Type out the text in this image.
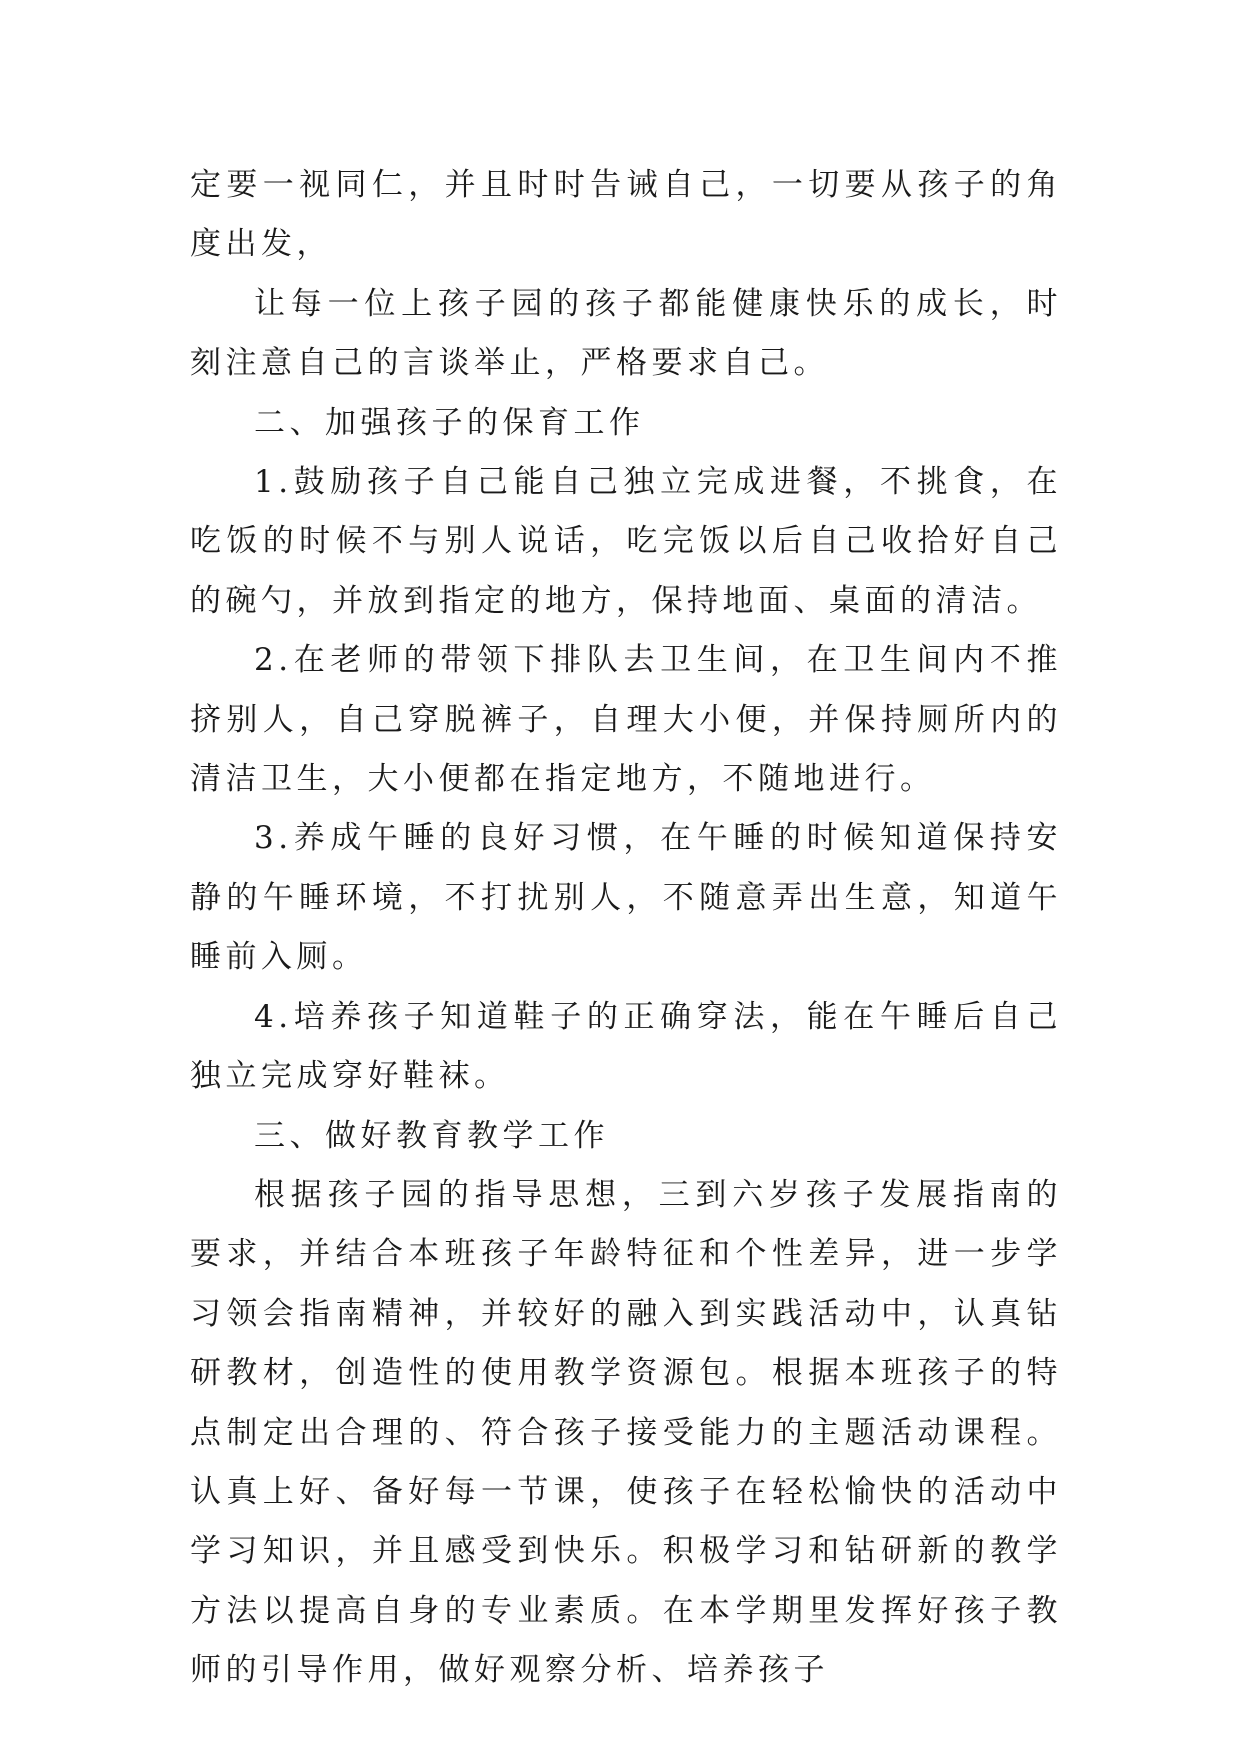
定要一视同仁，并且时时告诫自己，一切要从孩子的角度出发，

让每一位上孩子园的孩子都能健康快乐的成长，时刻注意自己的言谈举止，严格要求自己。

二、加强孩子的保育工作

1.鼓励孩子自己能自己独立完成进餐，不挑食，在吃饭的时候不与别人说话，吃完饭以后自己收拾好自己的碗勺，并放到指定的地方，保持地面、桌面的清洁。

2.在老师的带领下排队去卫生间，在卫生间内不推挤别人，自己穿脱裤子，自理大小便，并保持厕所内的清洁卫生，大小便都在指定地方，不随地进行。

3.养成午睡的良好习惯，在午睡的时候知道保持安静的午睡环境，不打扰别人，不随意弄出生意，知道午睡前入厕。

4.培养孩子知道鞋子的正确穿法，能在午睡后自己独立完成穿好鞋袜。

三、做好教育教学工作

根据孩子园的指导思想，三到六岁孩子发展指南的要求，并结合本班孩子年龄特征和个性差异，进一步学习领会指南精神，并较好的融入到实践活动中，认真钻研教材，创造性的使用教学资源包。根据本班孩子的特点制定出合理的、符合孩子接受能力的主题活动课程。认真上好、备好每一节课，使孩子在轻松愉快的活动中学习知识，并且感受到快乐。积极学习和钻研新的教学方法以提高自身的专业素质。在本学期里发挥好孩子教师的引导作用，做好观察分析、培养孩子
